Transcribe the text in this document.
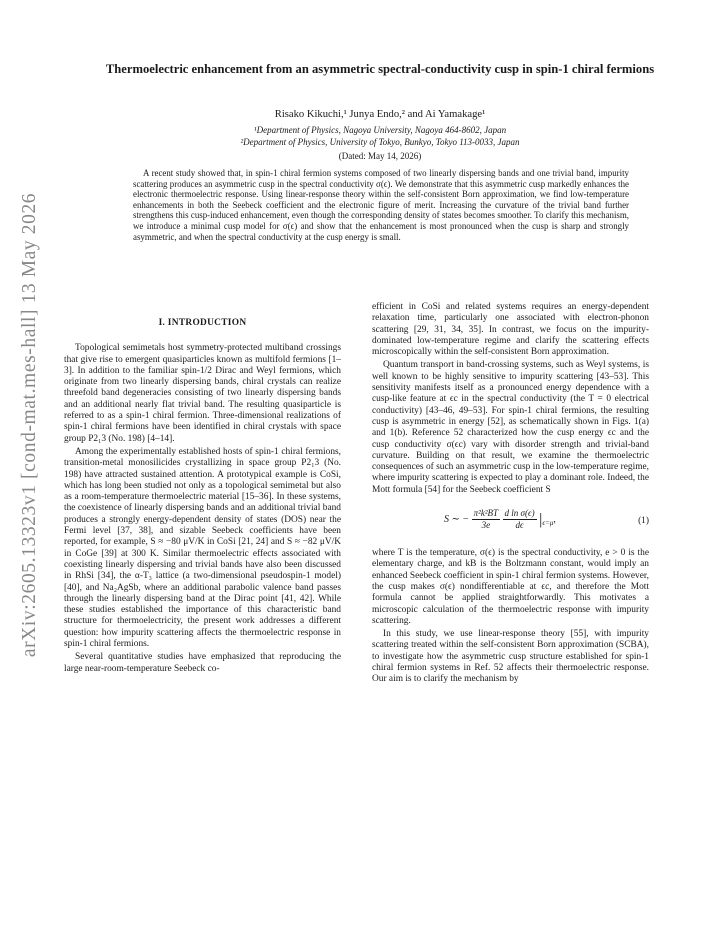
arXiv:2605.13323v1 [cond-mat.mes-hall] 13 May 2026
Thermoelectric enhancement from an asymmetric spectral-conductivity cusp in spin-1 chiral fermions
Risako Kikuchi,¹ Junya Endo,² and Ai Yamakage¹
¹Department of Physics, Nagoya University, Nagoya 464-8602, Japan
²Department of Physics, University of Tokyo, Bunkyo, Tokyo 113-0033, Japan
(Dated: May 14, 2026)

A recent study showed that, in spin-1 chiral fermion systems composed of two linearly dispersing bands and one trivial band, impurity scattering produces an asymmetric cusp in the spectral conductivity σ(ϵ). We demonstrate that this asymmetric cusp markedly enhances the electronic thermoelectric response. Using linear-response theory within the self-consistent Born approximation, we find low-temperature enhancements in both the Seebeck coefficient and the electronic figure of merit. Increasing the curvature of the trivial band further strengthens this cusp-induced enhancement, even though the corresponding density of states becomes smoother. To clarify this mechanism, we introduce a minimal cusp model for σ(ϵ) and show that the enhancement is most pronounced when the cusp is sharp and strongly asymmetric, and when the spectral conductivity at the cusp energy is small.

I. INTRODUCTION

Topological semimetals host symmetry-protected multiband crossings that give rise to emergent quasiparticles known as multifold fermions [1–3]. In addition to the familiar spin-1/2 Dirac and Weyl fermions, which originate from two linearly dispersing bands, chiral crystals can realize threefold band degeneracies consisting of two linearly dispersing bands and an additional nearly flat trivial band. The resulting quasiparticle is referred to as a spin-1 chiral fermion. Three-dimensional realizations of spin-1 chiral fermions have been identified in chiral crystals with space group P2₁3 (No. 198) [4–14].

Among the experimentally established hosts of spin-1 chiral fermions, transition-metal monosilicides crystallizing in space group P2₁3 (No. 198) have attracted sustained attention. A prototypical example is CoSi, which has long been studied not only as a topological semimetal but also as a room-temperature thermoelectric material [15–36]. In these systems, the coexistence of linearly dispersing bands and an additional trivial band produces a strongly energy-dependent density of states (DOS) near the Fermi level [37, 38], and sizable Seebeck coefficients have been reported, for example, S ≈ −80 μV/K in CoSi [21, 24] and S ≈ −82 μV/K in CoGe [39] at 300 K. Similar thermoelectric effects associated with coexisting linearly dispersing and trivial bands have also been discussed in RhSi [34], the α-T₃ lattice (a two-dimensional pseudospin-1 model) [40], and Na₂AgSb, where an additional parabolic valence band passes through the linearly dispersing band at the Dirac point [41, 42]. While these studies established the importance of this characteristic band structure for thermoelectricity, the present work addresses a different question: how impurity scattering affects the thermoelectric response in spin-1 chiral fermions.

Several quantitative studies have emphasized that reproducing the large near-room-temperature Seebeck co-

efficient in CoSi and related systems requires an energy-dependent relaxation time, particularly one associated with electron-phonon scattering [29, 31, 34, 35]. In contrast, we focus on the impurity-dominated low-temperature regime and clarify the scattering effects microscopically within the self-consistent Born approximation.

Quantum transport in band-crossing systems, such as Weyl systems, is well known to be highly sensitive to impurity scattering [43–53]. This sensitivity manifests itself as a pronounced energy dependence with a cusp-like feature at ϵc in the spectral conductivity (the T = 0 electrical conductivity) [43–46, 49–53]. For spin-1 chiral fermions, the resulting cusp is asymmetric in energy [52], as schematically shown in Figs. 1(a) and 1(b). Reference 52 characterized how the cusp energy ϵc and the cusp conductivity σ(ϵc) vary with disorder strength and trivial-band curvature. Building on that result, we examine the thermoelectric consequences of such an asymmetric cusp in the low-temperature regime, where impurity scattering is expected to play a dominant role. Indeed, the Mott formula [54] for the Seebeck coefficient S

S ∼ − $\frac{\text{π²k²BT}}{3e}$
$\frac{\text{d ln σ(ϵ)}}{d\epsilon} |_{\epsilon=\mu}$,	(1)

where T is the temperature, σ(ϵ) is the spectral conductivity, e > 0 is the elementary charge, and kB is the Boltzmann constant, would imply an enhanced Seebeck coefficient in spin-1 chiral fermion systems. However, the cusp makes σ(ϵ) nondifferentiable at ϵc, and therefore the Mott formula cannot be applied straightforwardly. This motivates a microscopic calculation of the thermoelectric response with impurity scattering.

In this study, we use linear-response theory [55], with impurity scattering treated within the self-consistent Born approximation (SCBA), to investigate how the asymmetric cusp structure established for spin-1 chiral fermion systems in Ref. 52 affects their thermoelectric response. Our aim is to clarify the mechanism by
